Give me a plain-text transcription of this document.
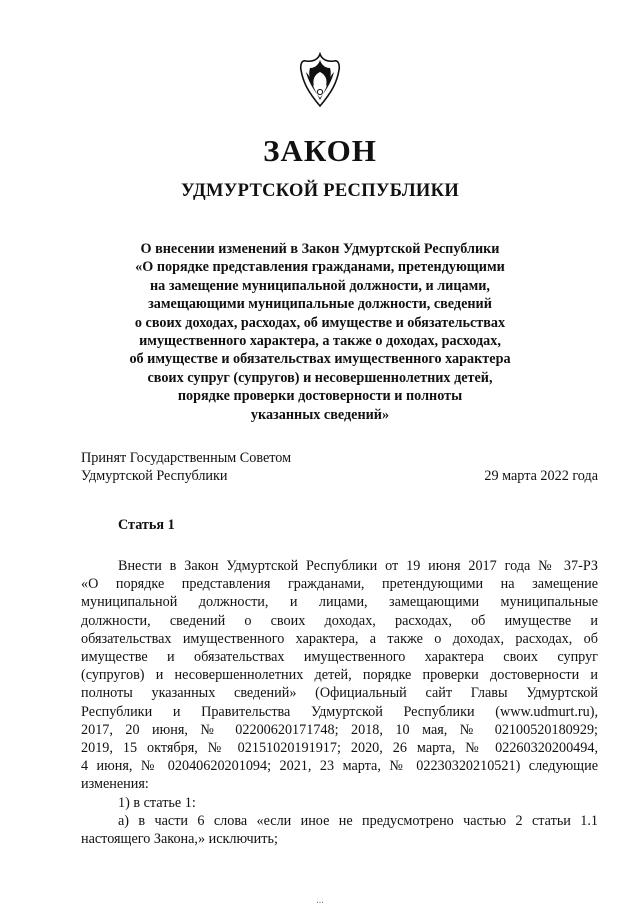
ЗАКОН
УДМУРТСКОЙ РЕСПУБЛИКИ
О внесении изменений в Закон Удмуртской Республики
«О порядке представления гражданами, претендующими
на замещение муниципальной должности, и лицами,
замещающими муниципальные должности, сведений
о своих доходах, расходах, об имуществе и обязательствах
имущественного характера, а также о доходах, расходах,
об имуществе и обязательствах имущественного характера
своих супруг (супругов) и несовершеннолетних детей,
порядке проверки достоверности и полноты
указанных сведений»
Принят Государственным Советом
Удмуртской Республики	29 марта 2022 года
Статья 1
Внести в Закон Удмуртской Республики от 19 июня 2017 года № 37-РЗ
«О порядке представления гражданами, претендующими на замещение
муниципальной должности, и лицами, замещающими муниципальные
должности, сведений о своих доходах, расходах, об имуществе и
обязательствах имущественного характера, а также о доходах, расходах, об
имуществе и обязательствах имущественного характера своих супруг
(супругов) и несовершеннолетних детей, порядке проверки достоверности и
полноты указанных сведений» (Официальный сайт Главы Удмуртской
Республики и Правительства Удмуртской Республики (www.udmurt.ru),
2017, 20 июня, № 02200620171748; 2018, 10 мая, № 02100520180929;
2019, 15 октября, № 02151020191917; 2020, 26 марта, № 02260320200494,
4 июня, № 02040620201094; 2021, 23 марта, № 02230320210521) следующие
изменения:
1) в статье 1:
а) в части 6 слова «если иное не предусмотрено частью 2 статьи 1.1
настоящего Закона,» исключить;
...
